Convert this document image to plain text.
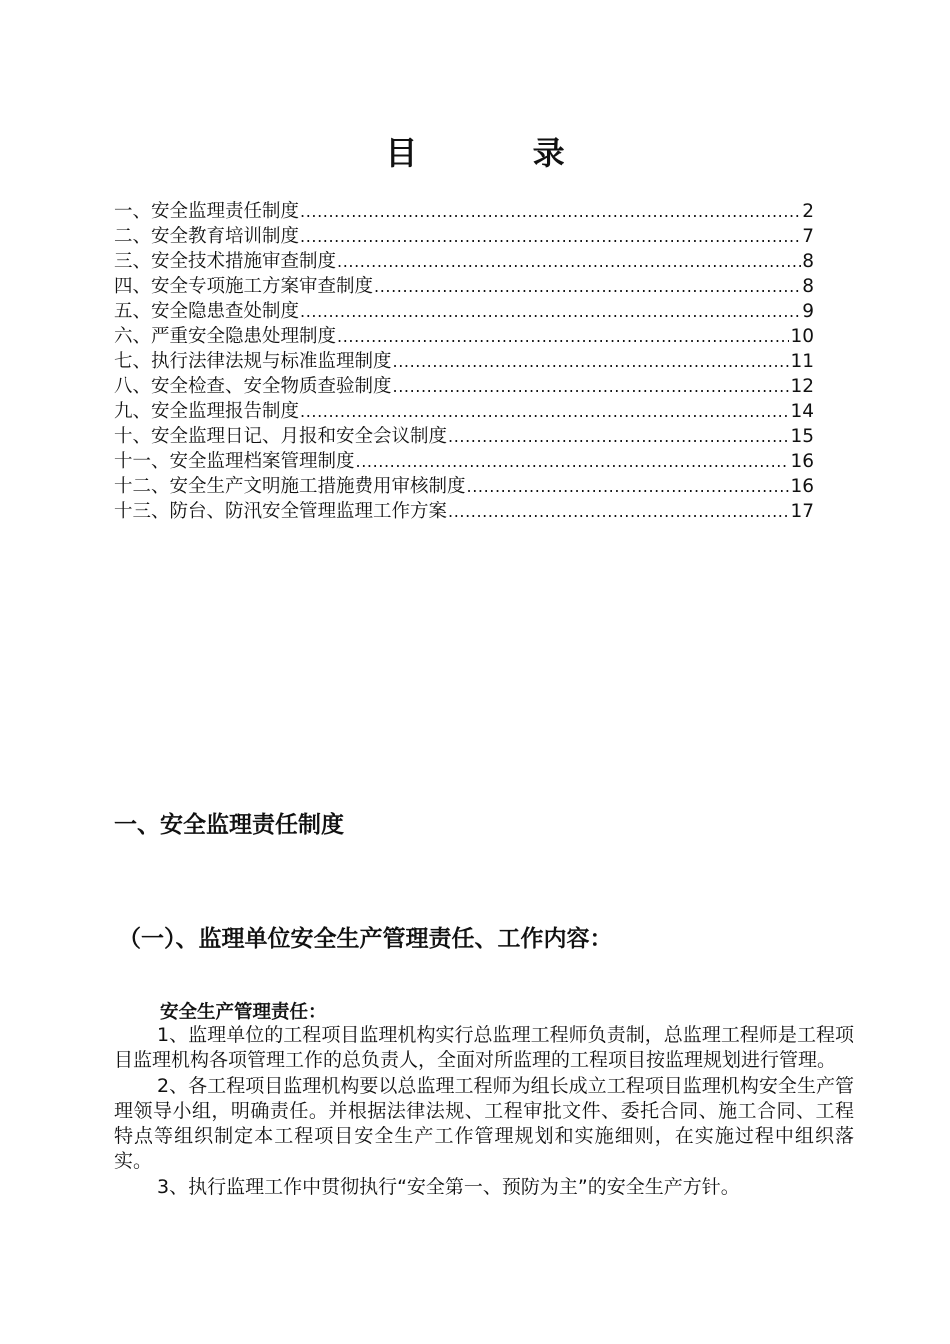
目 录
一、安全监理责任制度 .....	2
二、安全教育培训制度 .....	7
三、安全技术措施审查制度 .....	8
四、安全专项施工方案审查制度 .....	8
五、安全隐患查处制度 .....	9
六、严重安全隐患处理制度 .....	10
七、执行法律法规与标准监理制度 .....	11
八、安全检查、安全物质查验制度 .....	12
九、安全监理报告制度 .....	14
十、安全监理日记、月报和安全会议制度 .....	15
十一、安全监理档案管理制度 .....	16
十二、安全生产文明施工措施费用审核制度 .....	16
十三、防台、防汛安全管理监理工作方案 .....	17
一、安全监理责任制度
（一）、监理单位安全生产管理责任、工作内容：
安全生产管理责任：

1、监理单位的工程项目监理机构实行总监理工程师负责制，总监理工程师是工程项目监理机构各项管理工作的总负责人，全面对所监理的工程项目按监理规划进行管理。

2、各工程项目监理机构要以总监理工程师为组长成立工程项目监理机构安全生产管理领导小组，明确责任。并根据法律法规、工程审批文件、委托合同、施工合同、工程特点等组织制定本工程项目安全生产工作管理规划和实施细则，在实施过程中组织落实。

3、执行监理工作中贯彻执行“安全第一、预防为主”的安全生产方针。
